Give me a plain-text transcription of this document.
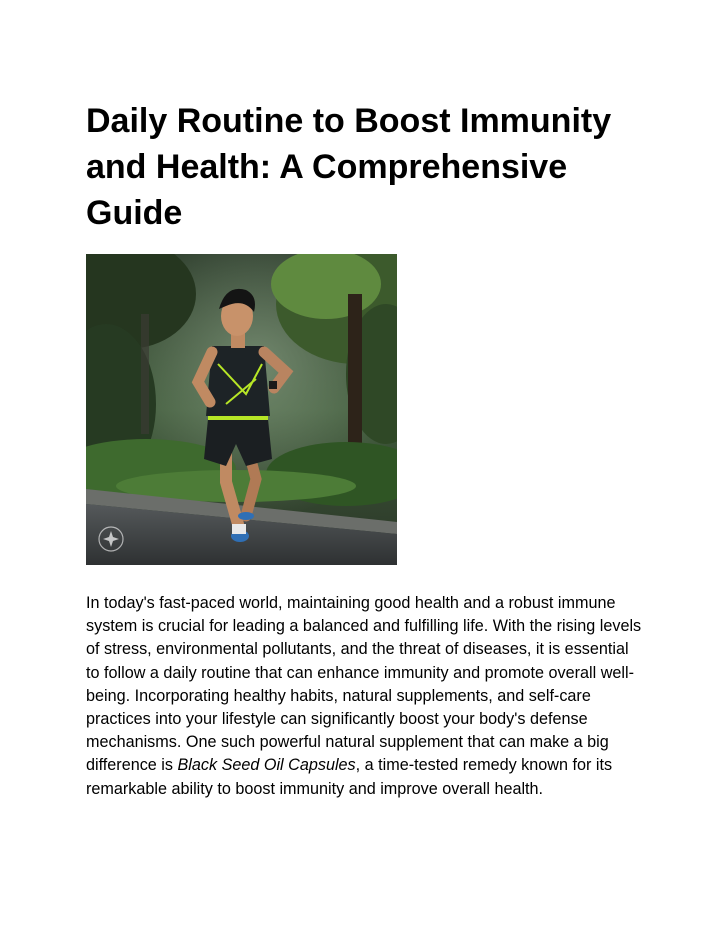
Daily Routine to Boost Immunity and Health: A Comprehensive Guide

In today's fast-paced world, maintaining good health and a robust immune system is crucial for leading a balanced and fulfilling life. With the rising levels of stress, environmental pollutants, and the threat of diseases, it is essential to follow a daily routine that can enhance immunity and promote overall well-being. Incorporating healthy habits, natural supplements, and self-care practices into your lifestyle can significantly boost your body's defense mechanisms. One such powerful natural supplement that can make a big difference is Black Seed Oil Capsules, a time-tested remedy known for its remarkable ability to boost immunity and improve overall health.
